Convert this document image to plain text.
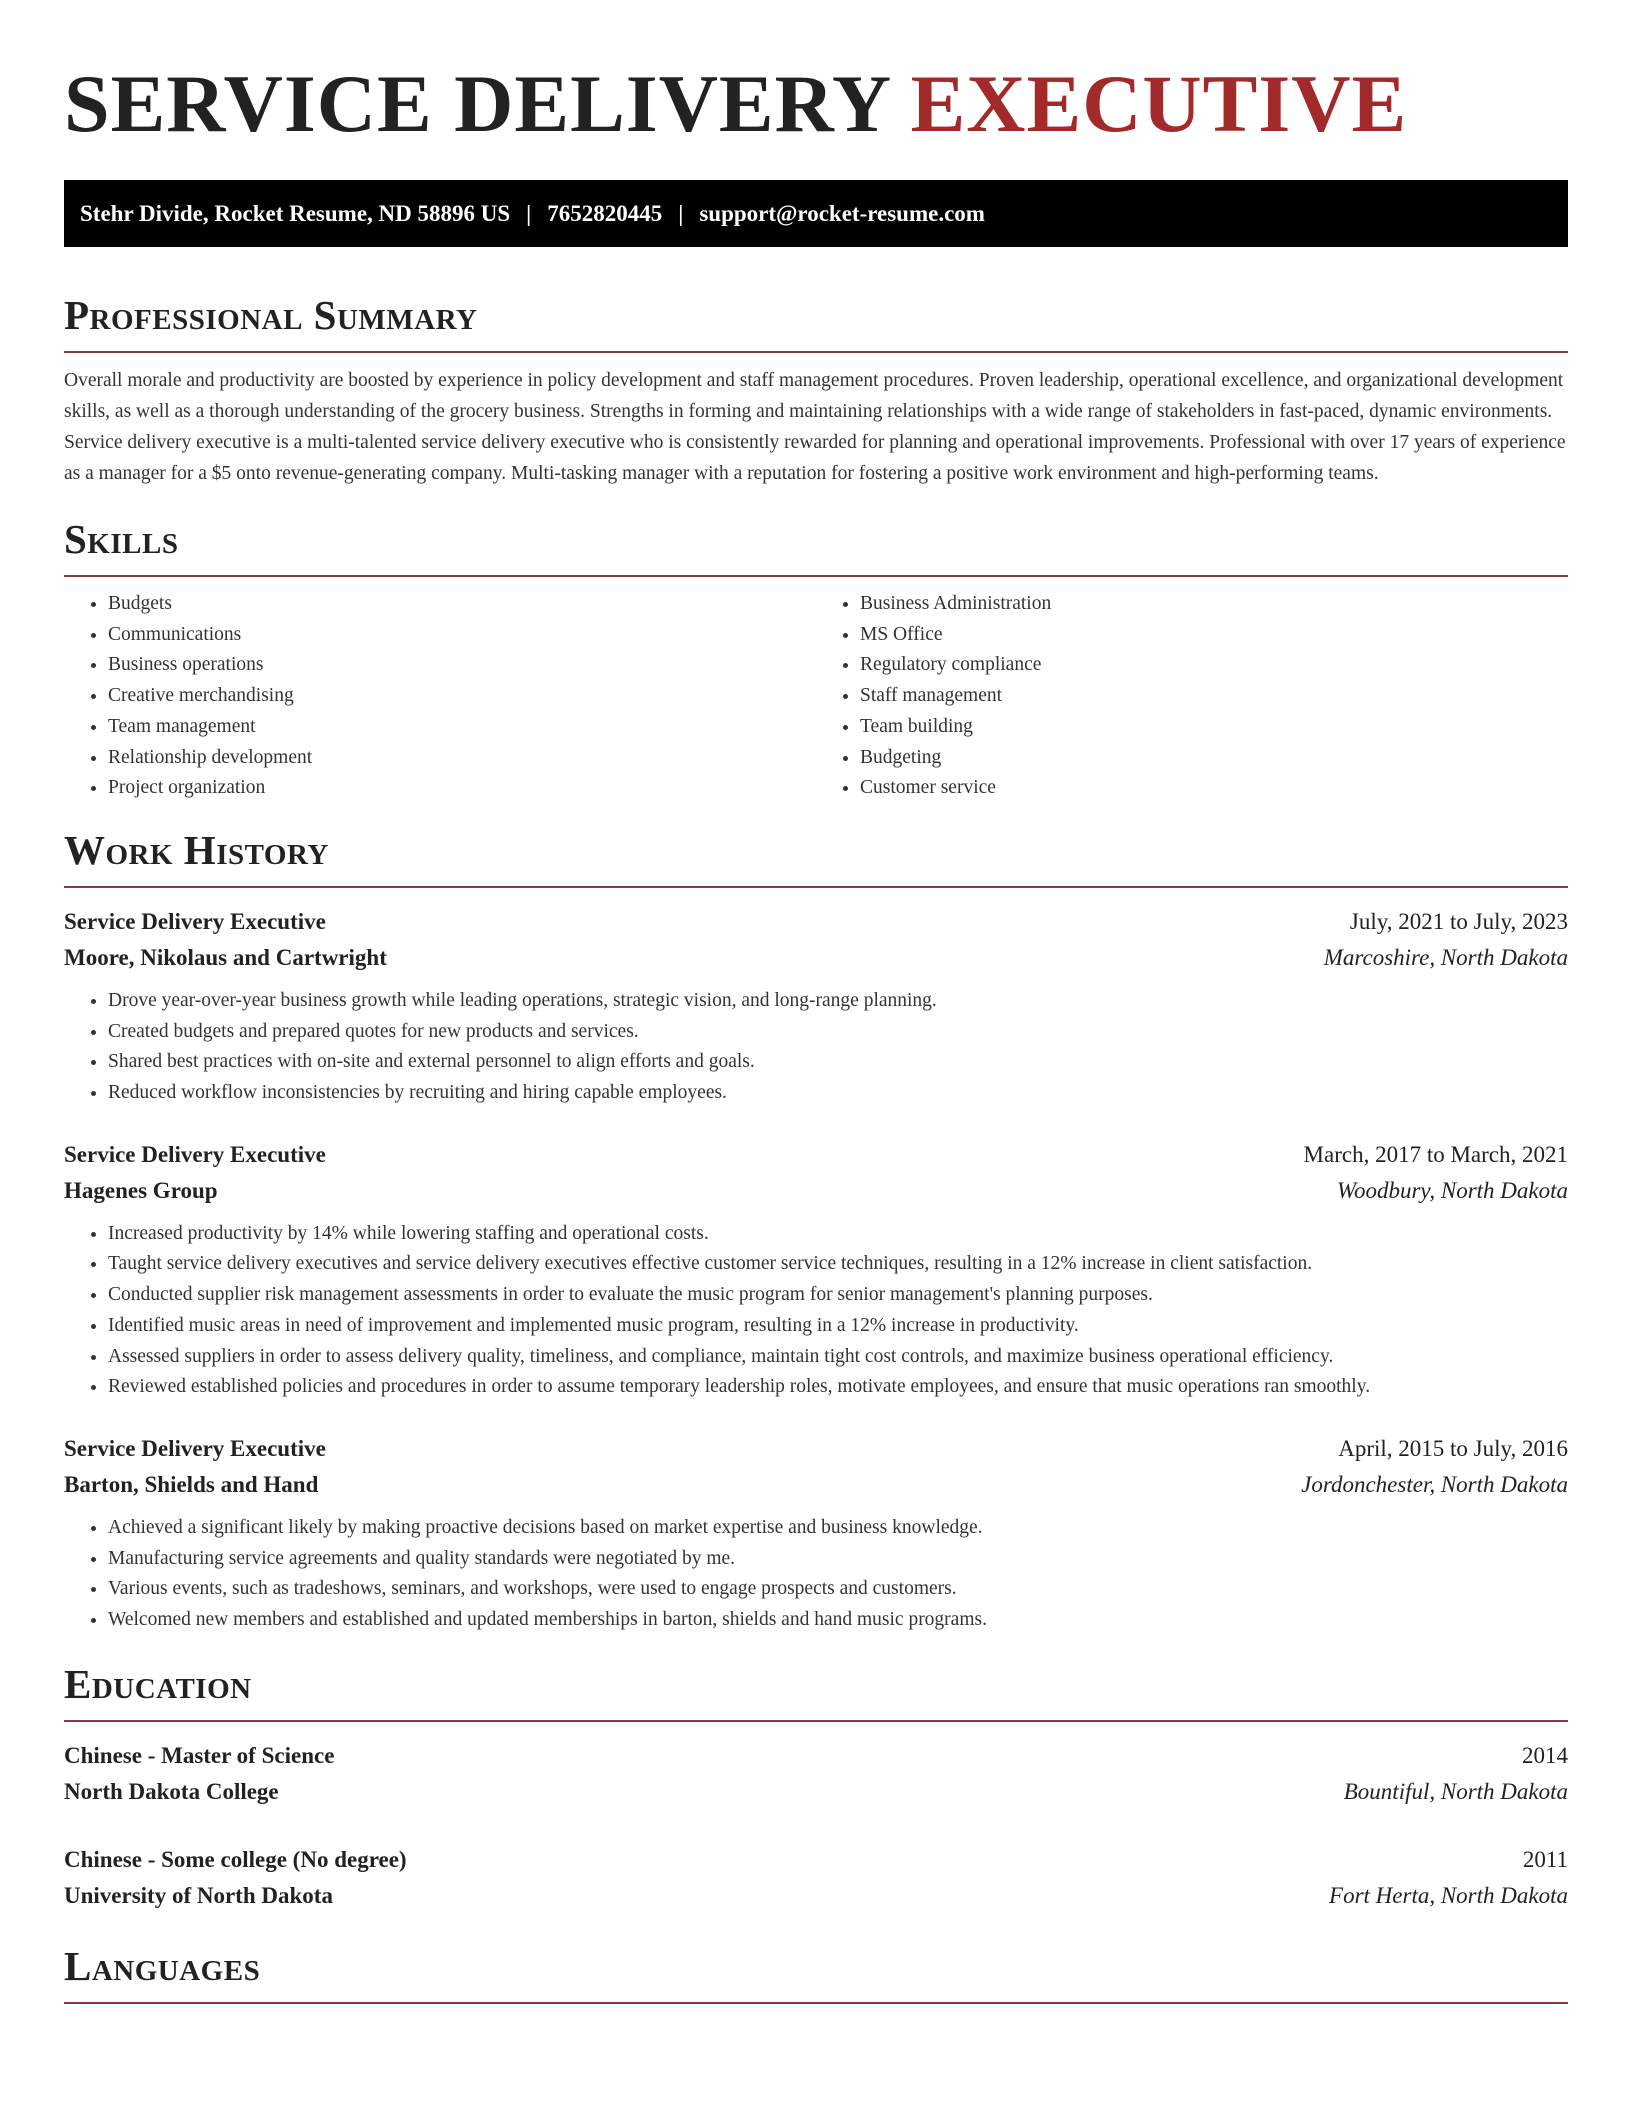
SERVICE DELIVERY EXECUTIVE
Stehr Divide, Rocket Resume, ND 58896 US | 7652820445 | support@rocket-resume.com
Professional Summary

Overall morale and productivity are boosted by experience in policy development and staff management procedures. Proven leadership, operational excellence, and organizational development skills, as well as a thorough understanding of the grocery business. Strengths in forming and maintaining relationships with a wide range of stakeholders in fast-paced, dynamic environments. Service delivery executive is a multi-talented service delivery executive who is consistently rewarded for planning and operational improvements. Professional with over 17 years of experience as a manager for a $5 onto revenue-generating company. Multi-tasking manager with a reputation for fostering a positive work environment and high-performing teams.

Skills
• Budgets
• Communications
• Business operations
• Creative merchandising
• Team management
• Relationship development
• Project organization
• Business Administration
• MS Office
• Regulatory compliance
• Staff management
• Team building
• Budgeting
• Customer service
Work History
Service Delivery Executive	July, 2021 to July, 2023
Moore, Nikolaus and Cartwright	Marcoshire, North Dakota
• Drove year-over-year business growth while leading operations, strategic vision, and long-range planning.
• Created budgets and prepared quotes for new products and services.
• Shared best practices with on-site and external personnel to align efforts and goals.
• Reduced workflow inconsistencies by recruiting and hiring capable employees.
Service Delivery Executive	March, 2017 to March, 2021
Hagenes Group	Woodbury, North Dakota
• Increased productivity by 14% while lowering staffing and operational costs.
• Taught service delivery executives and service delivery executives effective customer service techniques, resulting in a 12% increase in client satisfaction.
• Conducted supplier risk management assessments in order to evaluate the music program for senior management's planning purposes.
• Identified music areas in need of improvement and implemented music program, resulting in a 12% increase in productivity.
• Assessed suppliers in order to assess delivery quality, timeliness, and compliance, maintain tight cost controls, and maximize business operational efficiency.
• Reviewed established policies and procedures in order to assume temporary leadership roles, motivate employees, and ensure that music operations ran smoothly.
Service Delivery Executive	April, 2015 to July, 2016
Barton, Shields and Hand	Jordonchester, North Dakota
• Achieved a significant likely by making proactive decisions based on market expertise and business knowledge.
• Manufacturing service agreements and quality standards were negotiated by me.
• Various events, such as tradeshows, seminars, and workshops, were used to engage prospects and customers.
• Welcomed new members and established and updated memberships in barton, shields and hand music programs.
Education
Chinese - Master of Science	2014
North Dakota College	Bountiful, North Dakota
Chinese - Some college (No degree)	2011
University of North Dakota	Fort Herta, North Dakota
Languages
